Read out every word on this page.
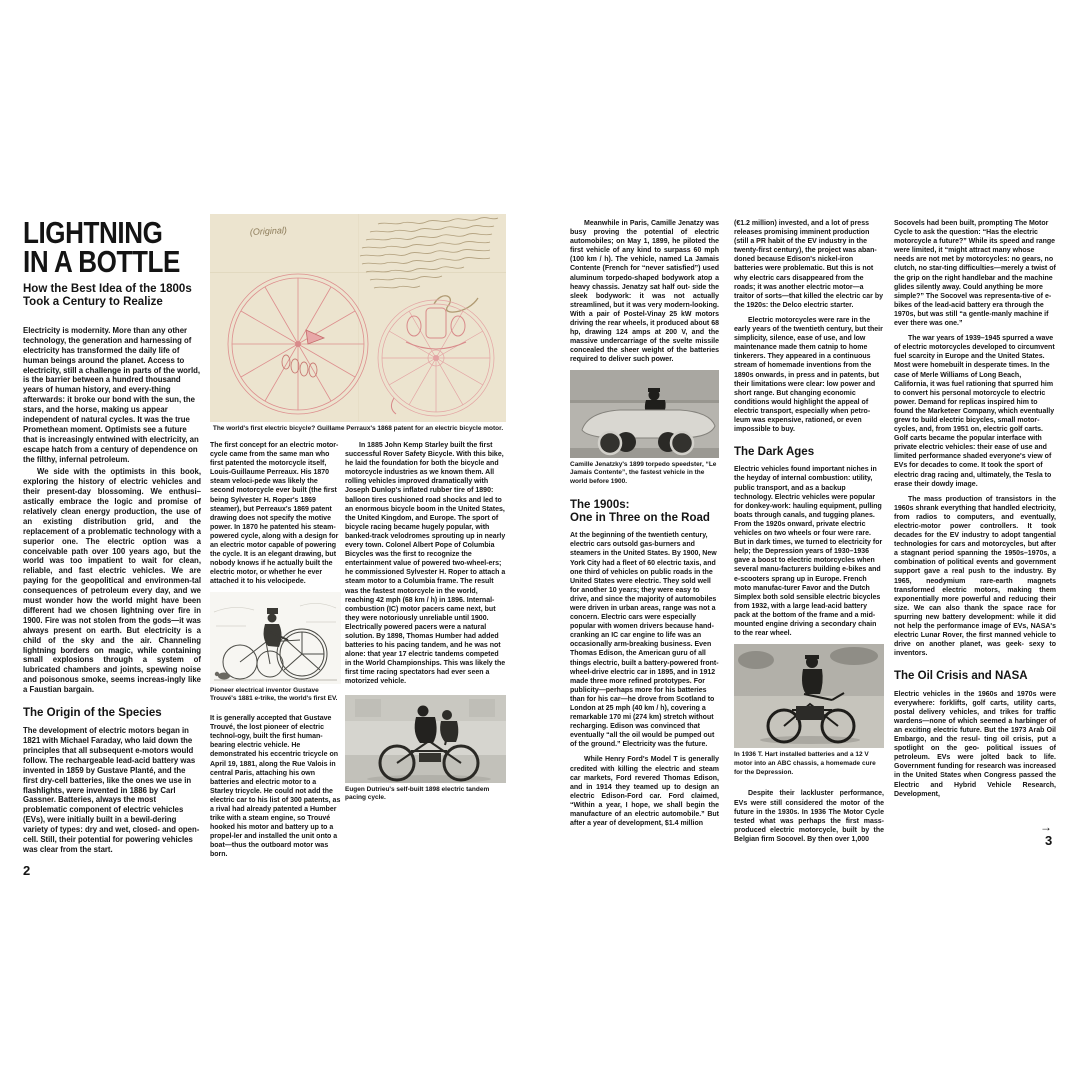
LIGHTNING
IN A BOTTLE
How the Best Idea of the 1800s
Took a Century to Realize

Electricity is modernity. More than any other technology, the generation and harnessing of electricity has transformed the daily life of human beings around the planet. Access to electricity, still a challenge in parts of the world, is the barrier between a hundred thousand years of human history, and every-thing afterwards: it broke our bond with the sun, the stars, and the horse, making us appear independent of natural cycles. It was the true Promethean moment. Optimists see a future that is increasingly entwined with electricity, an escape hatch from a century of dependence on the filthy, infernal petroleum.

We side with the optimists in this book, exploring the history of electric vehicles and their present-day blossoming. We enthusi–astically embrace the logic and promise of relatively clean energy production, the use of an existing distribution grid, and the replacement of a problematic technology with a superior one. The electric option was a conceivable path over 100 years ago, but the world was too impatient to wait for clean, reliable, and fast electric vehicles. We are paying for the geopolitical and environmen-tal consequences of petroleum every day, and we must wonder how the world might have been different had we chosen lightning over fire in 1900. Fire was not stolen from the gods—it was always present on earth. But electricity is a child of the sky and the air. Channeling lightning borders on magic, while containing small explosions through a system of lubricated chambers and joints, spewing noise and poisonous smoke, seems increas-ingly like a Faustian bargain.

The Origin of the Species

The development of electric motors began in 1821 with Michael Faraday, who laid down the principles that all subsequent e-motors would follow. The rechargeable lead-acid battery was invented in 1859 by Gustave Planté, and the first dry-cell batteries, like the ones we use in flashlights, were invented in 1886 by Carl Gassner. Batteries, always the most problematic component of electric vehicles (EVs), were initially built in a bewil-dering variety of types: dry and wet, closed- and open-cell. Still, their potential for powering vehicles was clear from the start.

2
(Original)
The world's first electric bicycle? Guillame Perraux's 1868 patent for an electric bicycle motor.

The first concept for an electric motor-cycle came from the same man who first patented the motorcycle itself, Louis-Guillaume Perreaux. His 1870 steam veloci-pede was likely the second motorcycle ever built (the first being Sylvester H. Roper's 1869 steamer), but Perreaux's 1869 patent drawing does not specify the motive power. In 1870 he patented his steam-powered cycle, along with a design for an electric motor capable of powering the cycle. It is an elegant drawing, but nobody knows if he actually built the electric motor, or whether he ever attached it to his velocipede.

Pioneer electrical inventor Gustave Trouvé's 1881 e-trike, the world's first EV.

It is generally accepted that Gustave Trouvé, the lost pioneer of electric technol-ogy, built the first human-bearing electric vehicle. He demonstrated his eccentric tricycle on April 19, 1881, along the Rue Valois in central Paris, attaching his own batteries and electric motor to a Starley tricycle. He could not add the electric car to his list of 300 patents, as a rival had already patented a Humber trike with a steam engine, so Trouvé hooked his motor and battery up to a propel-ler and installed the unit onto a boat—thus the outboard motor was born.

In 1885 John Kemp Starley built the first successful Rover Safety Bicycle. With this bike, he laid the foundation for both the bicycle and motorcycle industries as we known them. All rolling vehicles improved dramatically with Joseph Dunlop's inflated rubber tire of 1890: balloon tires cushioned road shocks and led to an enormous bicycle boom in the United States, the United Kingdom, and Europe. The sport of bicycle racing became hugely popular, with banked-track velodromes sprouting up in nearly every town. Colonel Albert Pope of Columbia Bicycles was the first to recognize the entertainment value of powered two-wheel-ers; he commissioned Sylvester H. Roper to attach a steam motor to a Columbia frame. The result was the fastest motorcycle in the world, reaching 42 mph (68 km / h) in 1896. Internal-combustion (IC) motor pacers came next, but they were notoriously unreliable until 1900. Electrically powered pacers were a natural solution. By 1898, Thomas Humber had added batteries to his pacing tandem, and he was not alone: that year 17 electric tandems competed in the World Championships. This was likely the first time racing spectators had ever seen a motorized vehicle.

Eugen Dutrieu's self-built 1898 electric tandem pacing cycle.

Meanwhile in Paris, Camille Jenatzy was busy proving the potential of electric automobiles; on May 1, 1899, he piloted the first vehicle of any kind to surpass 60 mph (100 km / h). The vehicle, named La Jamais Contente (French for “never satisfied”) used aluminum torpedo-shaped bodywork atop a heavy chassis. Jenatzy sat half out- side the sleek bodywork: it was not actually streamlined, but it was very modern-looking. With a pair of Postel-Vinay 25 kW motors driving the rear wheels, it produced about 68 hp, drawing 124 amps at 200 V, and the massive undercarriage of the svelte missile concealed the sheer weight of the batteries required to deliver such power.

Camille Jenatzky's 1899 torpedo speedster, “Le Jamais Contente”, the fastest vehicle in the world before 1900.
The 1900s:
One in Three on the Road

At the beginning of the twentieth century, electric cars outsold gas-burners and steamers in the United States. By 1900, New York City had a fleet of 60 electric taxis, and one third of vehicles on public roads in the United States were electric. They sold well for another 10 years; they were easy to drive, and since the majority of automobiles were driven in urban areas, range was not a concern. Electric cars were especially popular with women drivers because hand-cranking an IC car engine to life was an occasionally arm-breaking business. Even Thomas Edison, the American guru of all things electric, built a battery-powered front-wheel-drive electric car in 1895, and in 1912 made three more refined prototypes. For publicity—perhaps more for his batteries than for his car—he drove from Scotland to London at 25 mph (40 km / h), covering a remarkable 170 mi (274 km) stretch without recharging. Edison was convinced that eventually “all the oil would be pumped out of the ground.” Electricity was the future.

While Henry Ford's Model T is generally credited with killing the electric and steam car markets, Ford revered Thomas Edison, and in 1914 they teamed up to design an electric Edison-Ford car. Ford claimed, “Within a year, I hope, we shall begin the manufacture of an electric automobile.” But after a year of development, $1.4 million

(€1.2 million) invested, and a lot of press releases promising imminent production (still a PR habit of the EV industry in the twenty-first century), the project was aban-doned because Edison's nickel-iron batteries were problematic. But this is not why electric cars disappeared from the roads; it was another electric motor—a traitor of sorts—that killed the electric car by the 1920s: the Delco electric starter.

Electric motorcycles were rare in the early years of the twentieth century, but their simplicity, silence, ease of use, and low maintenance made them catnip to home tinkerers. They appeared in a continuous stream of homemade inventions from the 1890s onwards, in press and in patents, but their limitations were clear: low power and short range. But changing economic conditions would highlight the appeal of electric transport, especially when petro-leum was expensive, rationed, or even impossible to buy.

The Dark Ages

Electric vehicles found important niches in the heyday of internal combustion: utility, public transport, and as a backup technology. Electric vehicles were popular for donkey-work: hauling equipment, pulling boats through canals, and tugging planes. From the 1920s onward, private electric vehicles on two wheels or four were rare. But in dark times, we turned to electricity for help; the Depression years of 1930–1936 gave a boost to electric motorcycles when several manu-facturers building e-bikes and e-scooters sprang up in Europe. French moto manufac-turer Favor and the Dutch Simplex both sold sensible electric bicycles from 1932, with a large lead-acid battery pack at the bottom of the frame and a mid-mounted engine driving a secondary chain to the rear wheel.

In 1936 T. Hart installed batteries and a 12 V motor into an ABC chassis, a homemade cure for the Depression.

Despite their lackluster performance, EVs were still considered the motor of the future in the 1930s. In 1936 The Motor Cycle tested what was perhaps the first mass-produced electric motorcycle, built by the Belgian firm Socovel. By then over 1,000

Socovels had been built, prompting The Motor Cycle to ask the question: “Has the electric motorcycle a future?” While its speed and range were limited, it “might attract many whose needs are not met by motorcycles: no gears, no clutch, no star-ting difficulties—merely a twist of the grip on the right handlebar and the machine glides silently away. Could anything be more simple?” The Socovel was representa-tive of e-bikes of the lead-acid battery era through the 1970s, but was still “a gentle-manly machine if ever there was one.”

The war years of 1939–1945 spurred a wave of electric motorcycles developed to circumvent fuel scarcity in Europe and the United States. Most were homebuilt in desperate times. In the case of Merle Williams of Long Beach, California, it was fuel rationing that spurred him to convert his personal motorcycle to electric power. Demand for replicas inspired him to found the Marketeer Company, which eventually grew to build electric bicycles, small motor-cycles, and, from 1951 on, electric golf carts. Golf carts became the popular interface with private electric vehicles: their ease of use and limited performance shaded everyone's view of EVs for decades to come. It took the sport of electric drag racing and, ultimately, the Tesla to erase their dowdy image.

The mass production of transistors in the 1960s shrank everything that handled electricity, from radios to computers, and eventually, electric-motor power controllers. It took decades for the EV industry to adopt tangential technologies for cars and motorcycles, but after a stagnant period spanning the 1950s–1970s, a combination of political events and government support gave a real push to the industry. By 1965, neodymium rare-earth magnets transformed electric motors, making them exponentially more powerful and reducing their size. We can also thank the space race for spurring new battery development: while it did not help the performance image of EVs, NASA's electric Lunar Rover, the first manned vehicle to drive on another planet, was geek- sexy to inventors.

The Oil Crisis and NASA

Electric vehicles in the 1960s and 1970s were everywhere: forklifts, golf carts, utility carts, postal delivery vehicles, and trikes for traffic wardens—none of which seemed a harbinger of an exciting electric future. But the 1973 Arab Oil Embargo, and the resul- ting oil crisis, put a spotlight on the geo- political issues of petroleum. EVs were jolted back to life. Government funding for research was increased in the United States when Congress passed the Electric and Hybrid Vehicle Research, Development,

→
3
